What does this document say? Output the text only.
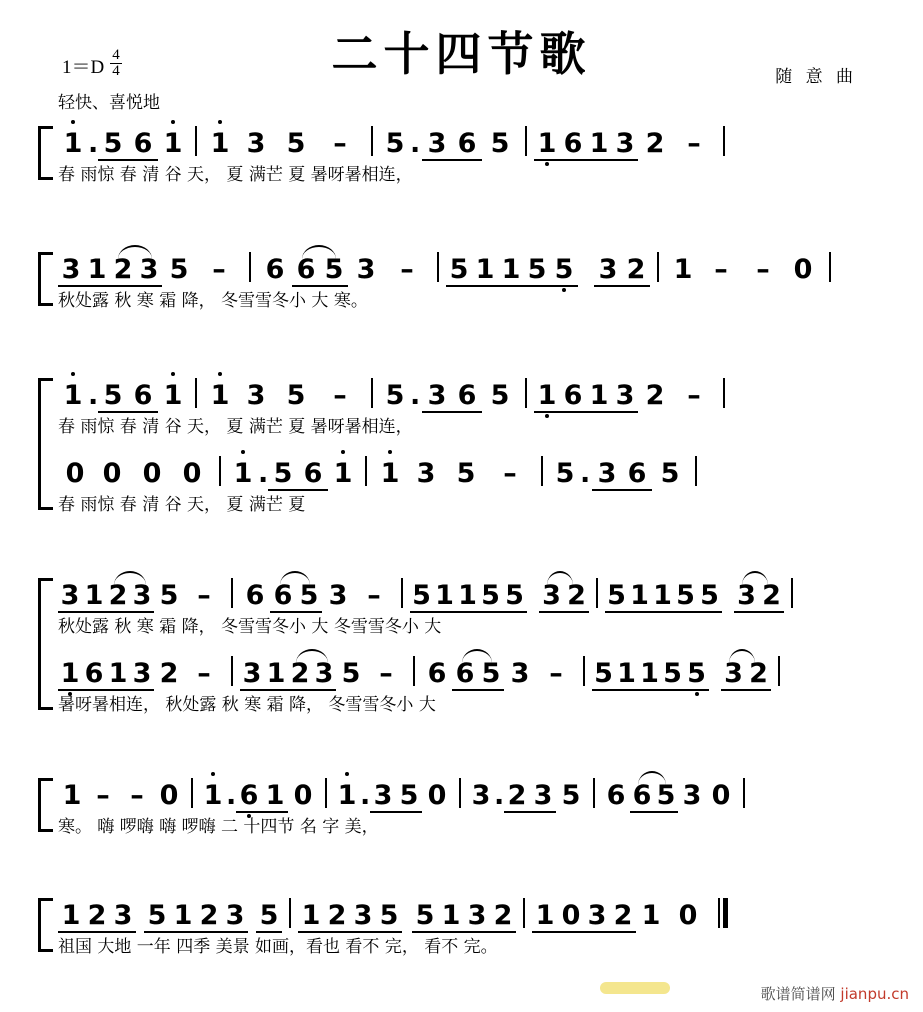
二十四节歌
$1=D \frac{4}{4}$
轻快、喜悦地
随 意 曲
1 . 5 6 1 1 3 5 – 5 . 3 6 5 1 6 1 3 2 –
春 雨惊 春 清 谷 天， 夏 满芒 夏 暑呀暑相连，
3 1 2 3 5 – 6 6 5 3 – 5 1 1 5 5 3 2 1 – – 0
秋处露 秋 寒 霜 降， 冬雪雪冬小 大 寒。
1 . 5 6 1 1 3 5 – 5 . 3 6 5 1 6 1 3 2 –
春 雨惊 春 清 谷 天， 夏 满芒 夏 暑呀暑相连，
0 0 0 0 1 . 5 6 1 1 3 5 – 5 . 3 6 5
春 雨惊 春 清 谷 天， 夏 满芒 夏
3 1 2 3 5 – 6 6 5 3 – 5 1 1 5 5 3 2 5 1 1 5 5 3 2
秋处露 秋 寒 霜 降， 冬雪雪冬小 大 冬雪雪冬小 大
1 6 1 3 2 – 3 1 2 3 5 – 6 6 5 3 – 5 1 1 5 5 3 2
暑呀暑相连， 秋处露 秋 寒 霜 降， 冬雪雪冬小 大
1 – – 0 1 . 6 1 0 1 . 3 5 0 3 . 2 3 5 6 6 5 3 0
寒。 嗨 啰嗨 嗨 啰嗨 二 十四节 名 字 美，
1 2 3 5 1 2 3 5 1 2 3 5 5 1 3 2 1 0 3 2 1 0
祖国 大地 一年 四季 美景 如画，看也 看不 完， 看不 完。
歌谱简谱网 jianpu.cn
